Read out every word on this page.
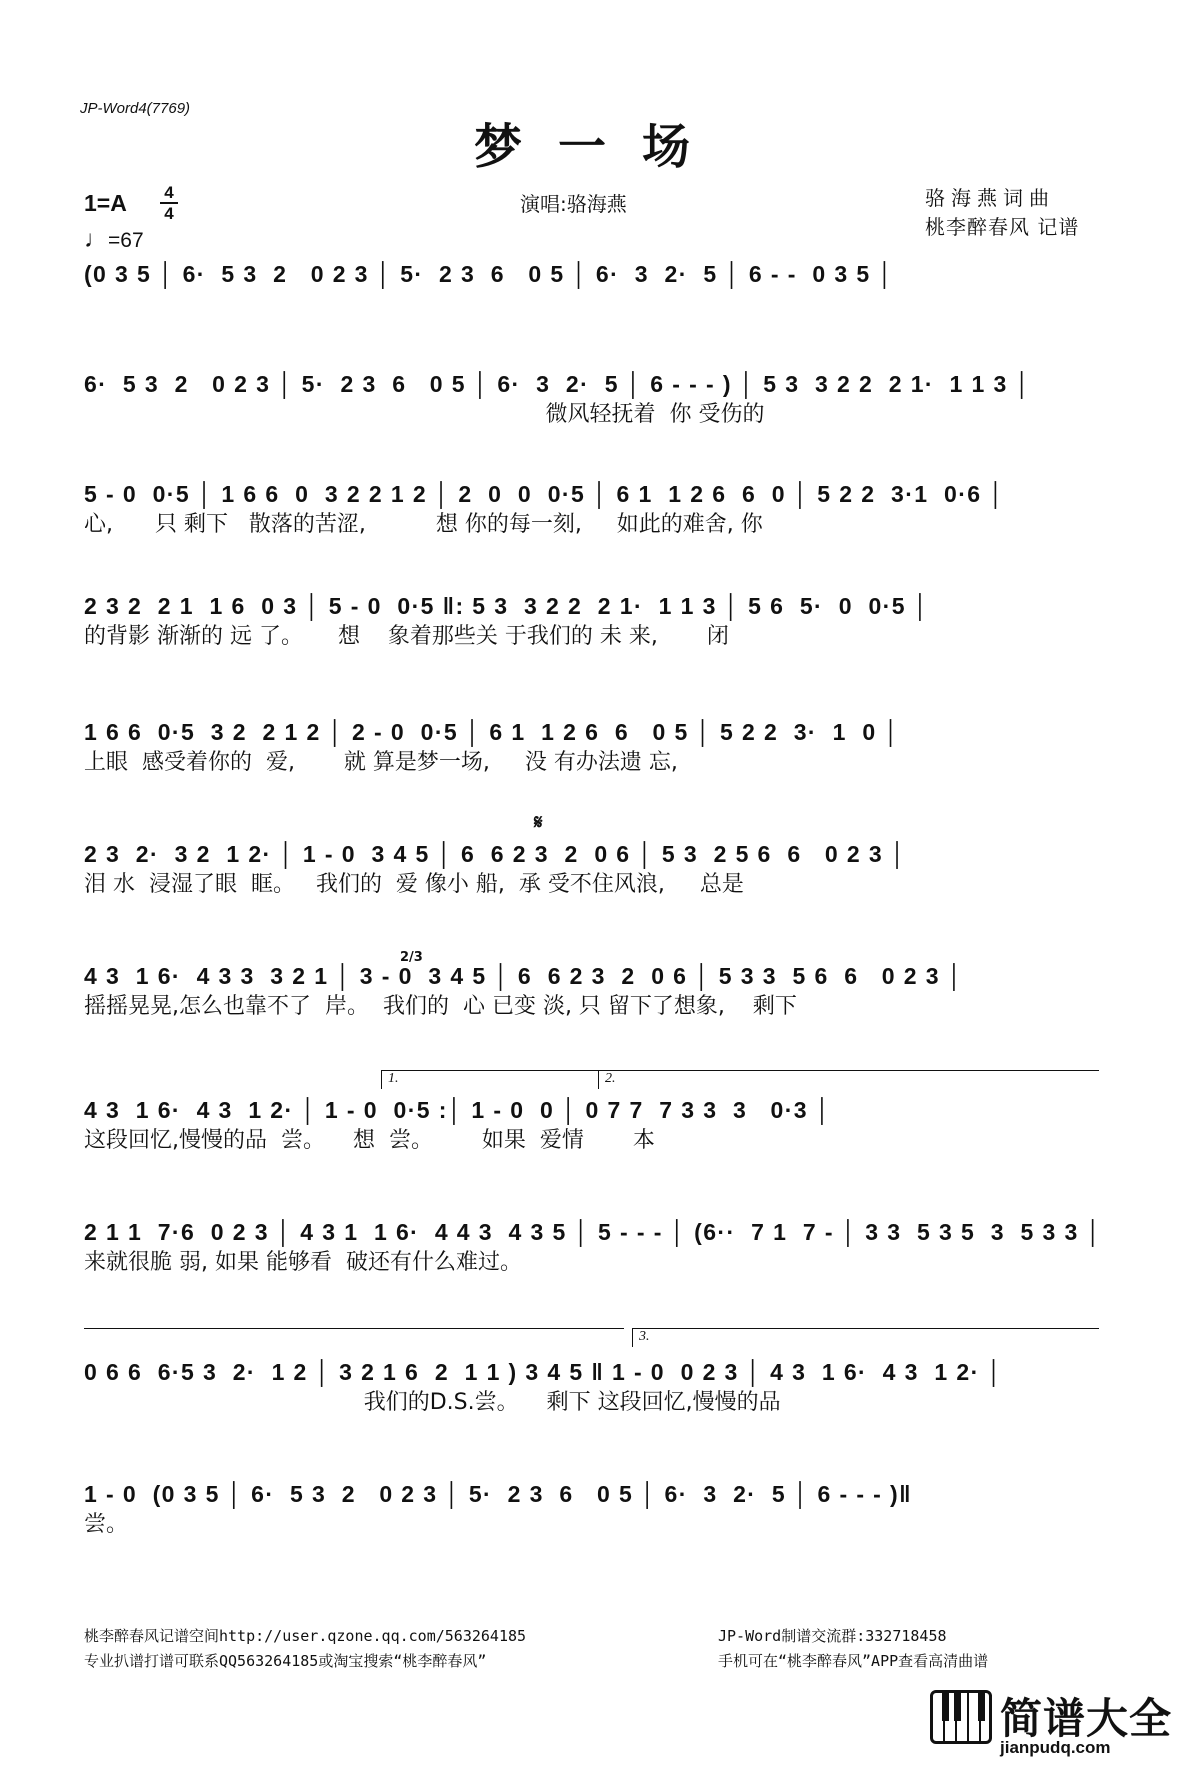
JP-Word4(7769)
梦一场
1=A 4
4
♩=67
演唱:骆海燕	骆海燕词曲
桃李醉春风 记谱
(0 3 5 │ 6·  5 3  2   0 2 3 │ 5·  2 3  6   0 5 │ 6·  3  2·  5 │ 6 - -  0 3 5 │
6·  5 3  2   0 2 3 │ 5·  2 3  6   0 5 │ 6·  3  2·  5 │ 6 - - - ) │ 5 3  3 2 2  2 1·  1 1 3 │
微风轻抚着  你 受伤的
5 - 0  0·5 │ 1 6 6  0  3 2 2 1 2 │ 2  0  0  0·5 │ 6 1  1 2 6  6  0 │ 5 2 2  3·1  0·6 │
心,      只 剩下   散落的苦涩,          想 你的每一刻,     如此的难舍, 你
2 3 2  2 1  1 6  0 3 │ 5 - 0  0·5 ‖: 5 3  3 2 2  2 1·  1 1 3 │ 5 6  5·  0  0·5 │
的背影 渐渐的 远 了。     想    象着那些关 于我们的 未 来,       闭
1 6 6  0·5  3 2  2 1 2 │ 2 - 0  0·5 │ 6 1  1 2 6  6   0 5 │ 5 2 2  3·  1  0 │
上眼  感受着你的  爱,       就 算是梦一场,     没 有办法遗 忘,
𝄋
2 3  2·  3 2  1 2· │ 1 - 0  3 4 5 │ 6  6 2 3  2  0 6 │ 5 3  2 5 6  6   0 2 3 │
泪 水  浸湿了眼  眶。   我们的  爱 像小 船,  承 受不住风浪,     总是
2/3
4 3  1 6·  4 3 3  3 2 1 │ 3 - 0  3 4 5 │ 6  6 2 3  2  0 6 │ 5 3 3  5 6  6   0 2 3 │
摇摇晃晃,怎么也靠不了  岸。  我们的  心 已变 淡, 只 留下了想象,    剩下
1.	2.
4 3  1 6·  4 3  1 2· │ 1 - 0  0·5 :│ 1 - 0  0 │ 0 7 7  7 3 3  3   0·3 │
这段回忆,慢慢的品  尝。    想  尝。       如果  爱情       本
2 1 1  7·6  0 2 3 │ 4 3 1  1 6·  4 4 3  4 3 5 │ 5 - - - │ (6··  7 1  7 - │ 3 3  5 3 5  3  5 3 3 │
来就很脆 弱, 如果 能够看  破还有什么难过。
3.
0 6 6  6·5 3  2·  1 2 │ 3 2 1 6  2  1 1 ) 3 4 5 ‖ 1 - 0  0 2 3 │ 4 3  1 6·  4 3  1 2· │
我们的D.S.尝。    剩下 这段回忆,慢慢的品
1 - 0  (0 3 5 │ 6·  5 3  2   0 2 3 │ 5·  2 3  6   0 5 │ 6·  3  2·  5 │ 6 - - - )‖
尝。
桃李醉春风记谱空间http://user.qzone.qq.com/563264185
专业扒谱打谱可联系QQ563264185或淘宝搜索“桃李醉春风”
JP-Word制谱交流群:332718458
手机可在“桃李醉春风”APP查看高清曲谱
简谱大全
jianpudq.com
